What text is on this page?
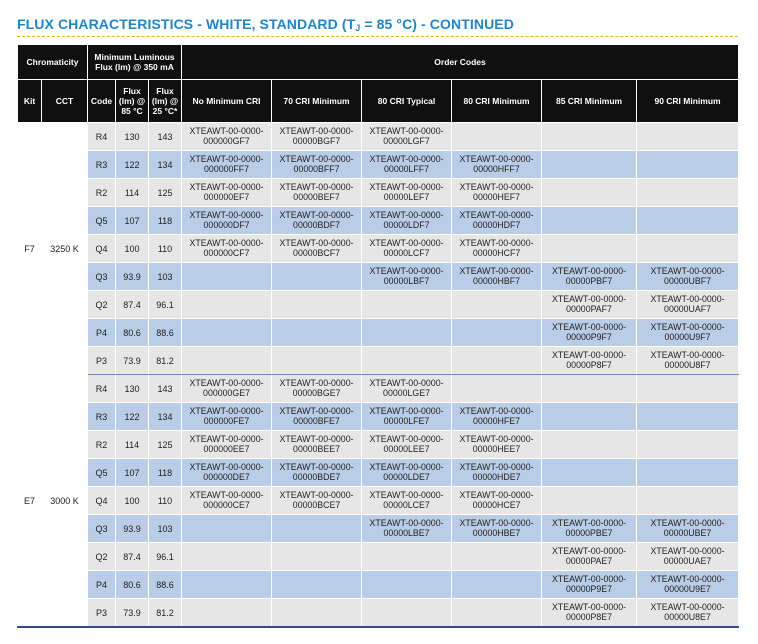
FLUX CHARACTERISTICS - WHITE, STANDARD ($T_J = 85$ °C) - CONTINUED
Chromaticity		Minimum Luminous Flux (lm) @ 350 mA			Order Codes					
Kit	CCT	Code	Flux (lm) @ 85 °C	Flux (lm) @ 25 °C*	No Minimum CRI	70 CRI Minimum	80 CRI Typical	80 CRI Minimum	85 CRI Minimum	90 CRI Minimum
F7	3250 K	R4	130	143	XTEAWT-00-0000-000000GF7	XTEAWT-00-0000-00000BGF7	XTEAWT-00-0000-00000LGF7			
		R3	122	134	XTEAWT-00-0000-000000FF7	XTEAWT-00-0000-00000BFF7	XTEAWT-00-0000-00000LFF7	XTEAWT-00-0000-00000HFF7		
		R2	114	125	XTEAWT-00-0000-000000EF7	XTEAWT-00-0000-00000BEF7	XTEAWT-00-0000-00000LEF7	XTEAWT-00-0000-00000HEF7		
		Q5	107	118	XTEAWT-00-0000-000000DF7	XTEAWT-00-0000-00000BDF7	XTEAWT-00-0000-00000LDF7	XTEAWT-00-0000-00000HDF7		
		Q4	100	110	XTEAWT-00-0000-000000CF7	XTEAWT-00-0000-00000BCF7	XTEAWT-00-0000-00000LCF7	XTEAWT-00-0000-00000HCF7		
		Q3	93.9	103			XTEAWT-00-0000-00000LBF7	XTEAWT-00-0000-00000HBF7	XTEAWT-00-0000-00000PBF7	XTEAWT-00-0000-00000UBF7
		Q2	87.4	96.1					XTEAWT-00-0000-00000PAF7	XTEAWT-00-0000-00000UAF7
		P4	80.6	88.6					XTEAWT-00-0000-00000P9F7	XTEAWT-00-0000-00000U9F7
		P3	73.9	81.2					XTEAWT-00-0000-00000P8F7	XTEAWT-00-0000-00000U8F7
E7	3000 K	R4	130	143	XTEAWT-00-0000-000000GE7	XTEAWT-00-0000-00000BGE7	XTEAWT-00-0000-00000LGE7			
		R3	122	134	XTEAWT-00-0000-000000FE7	XTEAWT-00-0000-00000BFE7	XTEAWT-00-0000-00000LFE7	XTEAWT-00-0000-00000HFE7		
		R2	114	125	XTEAWT-00-0000-000000EE7	XTEAWT-00-0000-00000BEE7	XTEAWT-00-0000-00000LEE7	XTEAWT-00-0000-00000HEE7		
		Q5	107	118	XTEAWT-00-0000-000000DE7	XTEAWT-00-0000-00000BDE7	XTEAWT-00-0000-00000LDE7	XTEAWT-00-0000-00000HDE7		
		Q4	100	110	XTEAWT-00-0000-000000CE7	XTEAWT-00-0000-00000BCE7	XTEAWT-00-0000-00000LCE7	XTEAWT-00-0000-00000HCE7		
		Q3	93.9	103			XTEAWT-00-0000-00000LBE7	XTEAWT-00-0000-00000HBE7	XTEAWT-00-0000-00000PBE7	XTEAWT-00-0000-00000UBE7
		Q2	87.4	96.1					XTEAWT-00-0000-00000PAE7	XTEAWT-00-0000-00000UAE7
		P4	80.6	88.6					XTEAWT-00-0000-00000P9E7	XTEAWT-00-0000-00000U9E7
		P3	73.9	81.2					XTEAWT-00-0000-00000P8E7	XTEAWT-00-0000-00000U8E7
